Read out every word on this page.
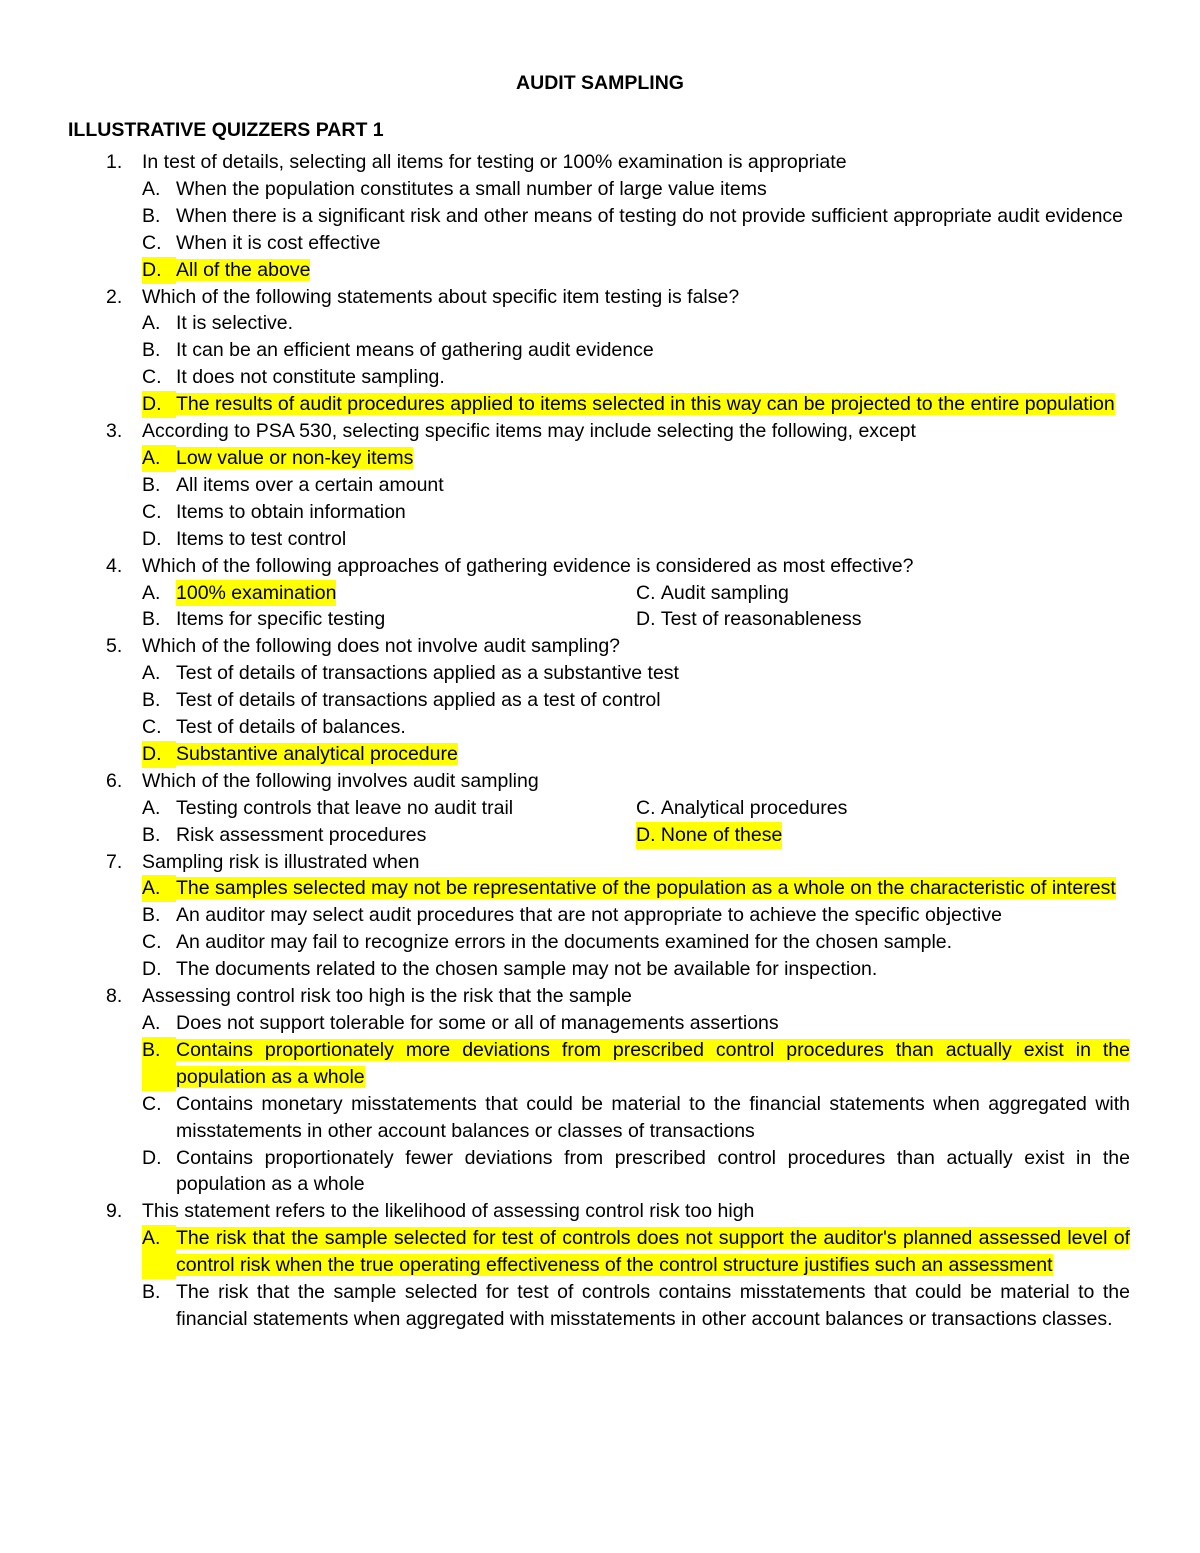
AUDIT SAMPLING
ILLUSTRATIVE QUIZZERS PART 1
1.	In test of details, selecting all items for testing or 100% examination is appropriate
A. When the population constitutes a small number of large value items
B. When there is a significant risk and other means of testing do not provide sufficient appropriate audit evidence
C. When it is cost effective
D. All of the above
2.	Which of the following statements about specific item testing is false?
A. It is selective.
B. It can be an efficient means of gathering audit evidence
C. It does not constitute sampling.
D. The results of audit procedures applied to items selected in this way can be projected to the entire population
3.	According to PSA 530, selecting specific items may include selecting the following, except
A. Low value or non-key items
B. All items over a certain amount
C. Items to obtain information
D. Items to test control
4.	Which of the following approaches of gathering evidence is considered as most effective?
A. 100% examination	C.
Audit sampling
B. Items for specific testing	D.
Test of reasonableness
5.	Which of the following does not involve audit sampling?
A. Test of details of transactions applied as a substantive test
B. Test of details of transactions applied as a test of control
C. Test of details of balances.
D. Substantive analytical procedure
6.	Which of the following involves audit sampling
A. Testing controls that leave no audit trail	C.
Analytical procedures
B. Risk assessment procedures	D. None of these
7.	Sampling risk is illustrated when
A. The samples selected may not be representative of the population as a whole on the characteristic of interest
B. An auditor may select audit procedures that are not appropriate to achieve the specific objective
C. An auditor may fail to recognize errors in the documents examined for the chosen sample.
D. The documents related to the chosen sample may not be available for inspection.
8.	Assessing control risk too high is the risk that the sample
A. Does not support tolerable for some or all of managements assertions
B. Contains proportionately more deviations from prescribed control procedures than actually exist in the population as a whole
C. Contains monetary misstatements that could be material to the financial statements when aggregated with misstatements in other account balances or classes of transactions
D. Contains proportionately fewer deviations from prescribed control procedures than actually exist in the population as a whole
9.	This statement refers to the likelihood of assessing control risk too high
A. The risk that the sample selected for test of controls does not support the auditor's planned assessed level of control risk when the true operating effectiveness of the control structure justifies such an assessment
B. The risk that the sample selected for test of controls contains misstatements that could be material to the financial statements when aggregated with misstatements in other account balances or transactions classes.
